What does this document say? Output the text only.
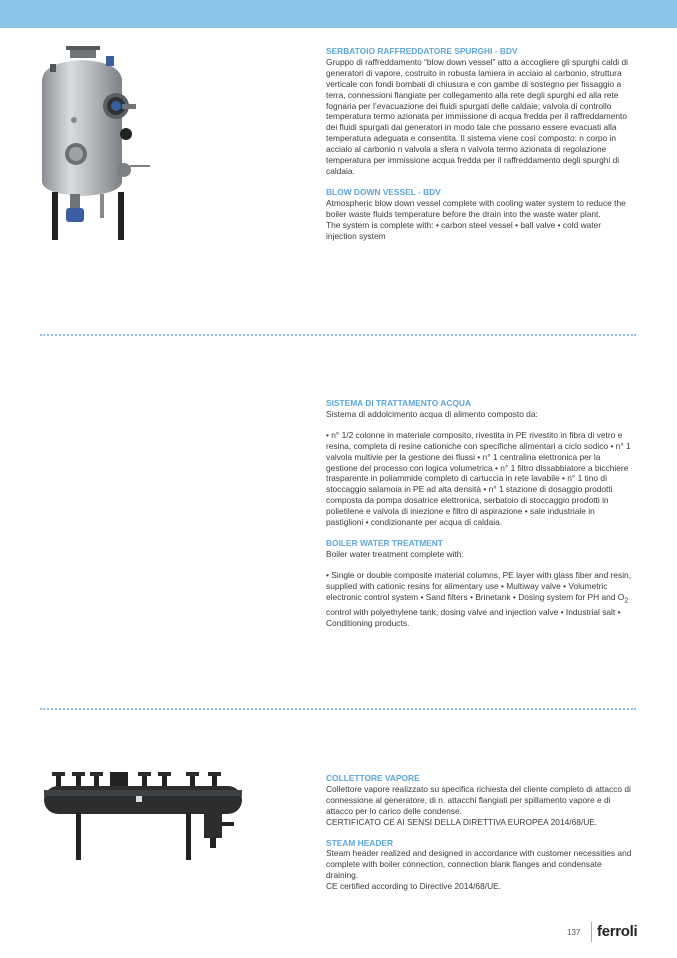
SERBATOIO RAFFREDDATORE SPURGHI - BDV

Gruppo di raffreddamento “blow down vessel” atto a accogliere gli spurghi caldi di generatori di vapore, costruito in robusta lamiera in acciaio al carbonio, struttura verticale con fondi bombati di chiusura e con gambe di sostegno per fissaggio a terra, connessioni flangiate per collegamento alla rete degli spurghi ed alla rete fognaria per l’evacuazione dei fluidi spurgati delle caldaie; valvola di controllo temperatura termo azionata per immissione di acqua fredda per il raffreddamento dei fluidi spurgati dai generatori in modo tale che possano essere evacuati alla temperatura adeguata e consentita. Il sistema viene così composto: n corpo in acciaio al carbonio n valvola a sfera n valvola termo azionata di regolazione temperatura per immissione acqua fredda per il raffreddamento degli spurghi di caldaia.

BLOW DOWN VESSEL - BDV

Atmospheric blow down vessel complete with cooling water system to reduce the boiler waste fluids temperature before the drain into the waste water plant.

The system is complete with: • carbon steel vessel • ball valve • cold water injection system

SISTEMA DI TRATTAMENTO ACQUA

Sistema di addolcimento acqua di alimento composto da:

• n° 1/2 colonne in materiale composito, rivestita in PE rivestito in fibra di vetro e resina, completa di resine cationiche con specifiche alimentari a ciclo sodico • n° 1 valvola multivie per la gestione dei flussi • n° 1 centralina elettronica per la gestione del processo con logica volumetrica • n° 1 filtro dissabbiatore a bicchiere trasparente in poliammide completo di cartuccia in rete lavabile • n° 1 tino di stoccaggio salamoia in PE ad alta densità • n° 1 stazione di dosaggio prodotti composta da pompa dosatrice elettronica, serbatoio di stoccaggio prodotti in polietilene e valvola di iniezione e filtro di aspirazione • sale industriale in pastiglioni • condizionante per acqua di caldaia.

BOILER WATER TREATMENT

Boiler water treatment complete with:

• Single or double composite material columns, PE layer with glass fiber and resin, supplied with cationic resins for alimentary use • Multiway valve • Volumetric electronic control system • Sand filters • Brinetank • Dosing system for PH and $O_2$ control with polyethylene tank, dosing valve and injection valve • Industrial salt • Conditioning products.

COLLETTORE VAPORE

Collettore vapore realizzato su specifica richiesta del cliente completo di attacco di connessione al generatore, di n. attacchi flangiati per spillamento vapore e di attacco per lo carico delle condense.

CERTIFICATO CE AI SENSI DELLA DIRETTIVA EUROPEA 2014/68/UE.

STEAM HEADER

Steam header realized and designed in accordance with customer necessities and complete with boiler connection, connection blank flanges and condensate draining.

CE certified according to Directive 2014/68/UE.

137 ferroli
